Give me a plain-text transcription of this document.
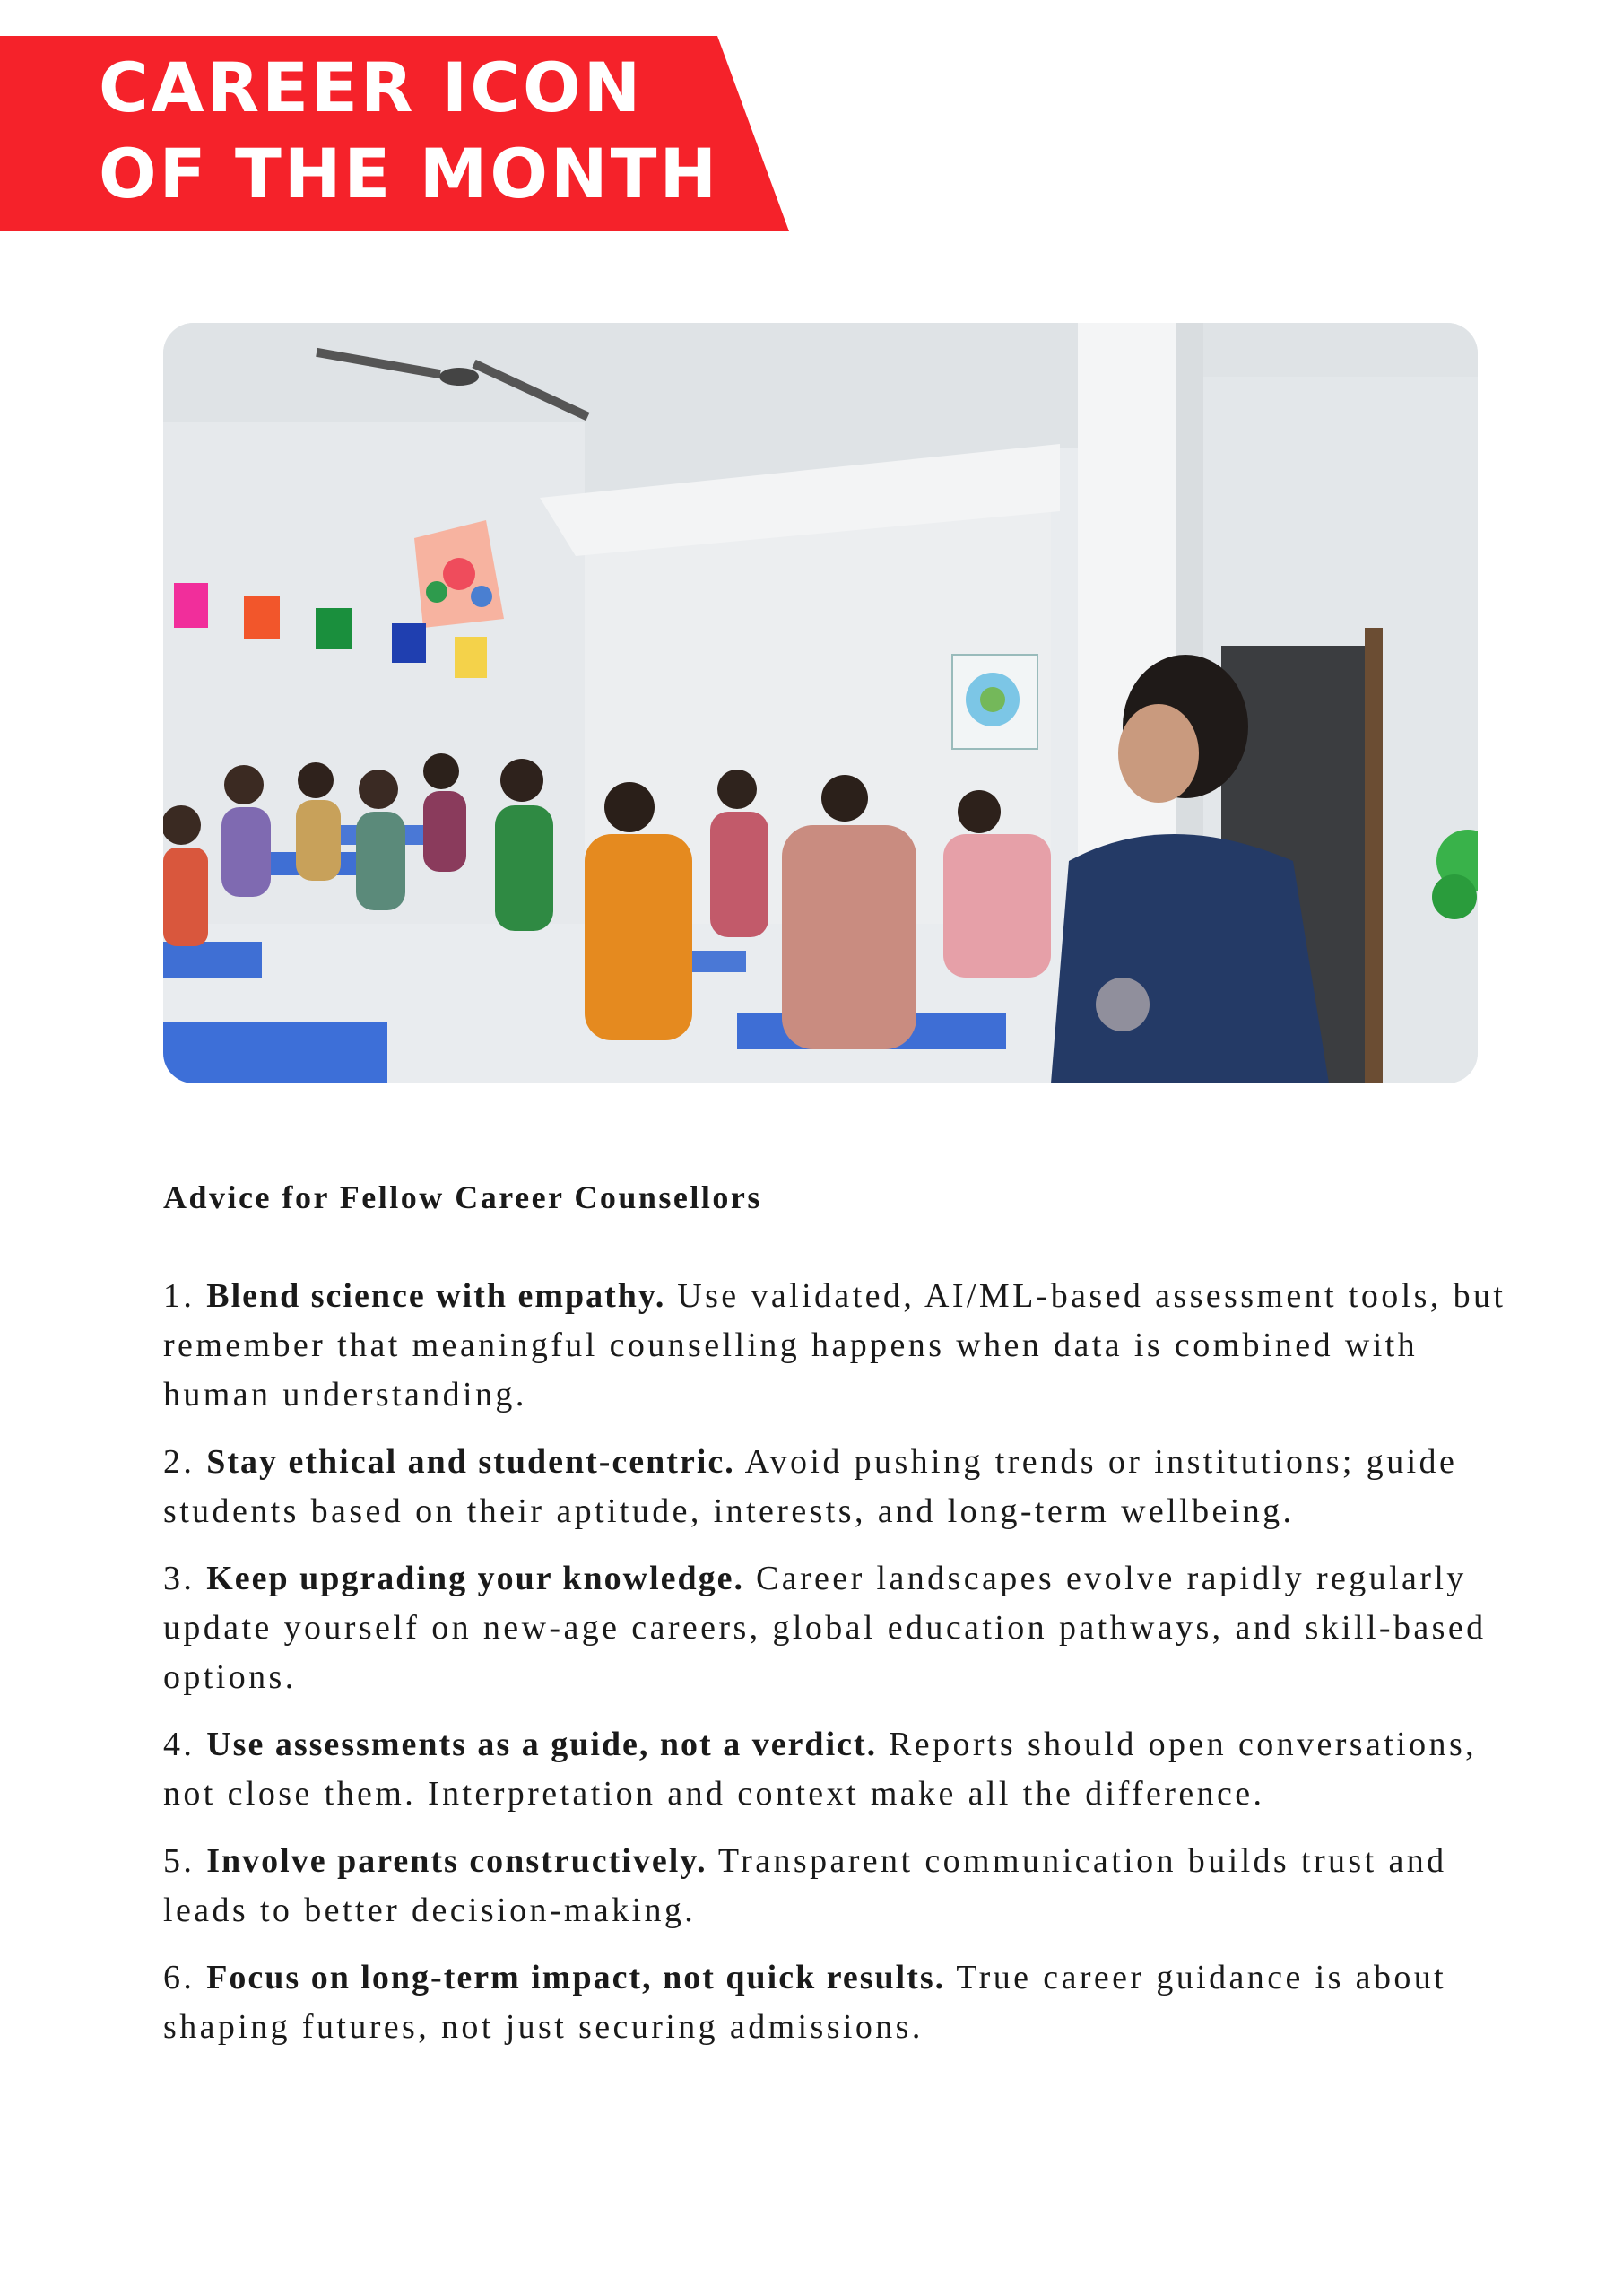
CAREER ICON
OF THE MONTH
Advice for Fellow Career Counsellors

1. Blend science with empathy. Use validated, AI/ML-based assessment tools, but remember that meaningful counselling happens when data is combined with human understanding.

2. Stay ethical and student-centric. Avoid pushing trends or institutions; guide students based on their aptitude, interests, and long-term wellbeing.

3. Keep upgrading your knowledge. Career landscapes evolve rapidly regularly update yourself on new-age careers, global education pathways, and skill-based options.

4. Use assessments as a guide, not a verdict. Reports should open conversations, not close them. Interpretation and context make all the difference.

5. Involve parents constructively. Transparent communication builds trust and leads to better decision-making.

6. Focus on long-term impact, not quick results. True career guidance is about shaping futures, not just securing admissions.
